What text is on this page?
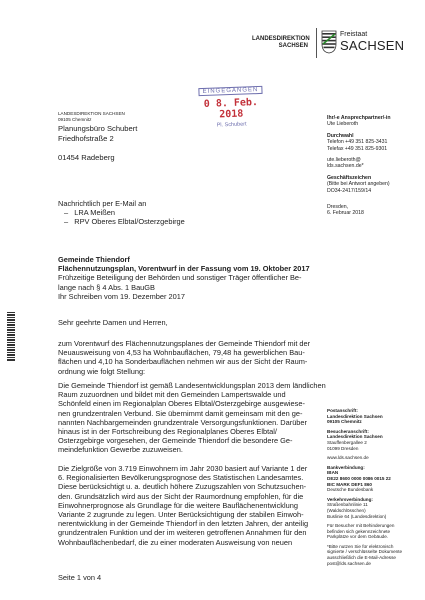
LANDESDIREKTION
SACHSEN
Freistaat
SACHSEN
LANDESDIREKTION SACHSEN
09105 Chemnitz
EINGEGANGEN
0 8. Feb. 2018
Pl. Schubert
Planungsbüro Schubert
Friedhofstraße 2
01454 Radeberg
Ihr/-e Ansprechpartner/-in
Ute Lieberoth
Durchwahl
Telefon +49 351 825-3431
Telefax +49 351 825-9301
ute.lieberoth@
lds.sachsen.de*
Geschäftszeichen
(Bitte bei Antwort angeben)
DO34-2417/159/14
Dresden,
6. Februar 2018
Nachrichtlich per E-Mail an
–   LRA Meißen
–   RPV Oberes Elbtal/Osterzgebirge
Gemeinde Thiendorf
Flächennutzungsplan, Vorentwurf in der Fassung vom 19. Oktober 2017
Frühzeitige Beteiligung der Behörden und sonstiger Träger öffentlicher Be-
lange nach § 4 Abs. 1 BauGB
Ihr Schreiben vom 19. Dezember 2017
Sehr geehrte Damen und Herren,
zum Vorentwurf des Flächennutzungsplanes der Gemeinde Thiendorf mit der
Neuausweisung von 4,53 ha Wohnbauflächen, 79,48 ha gewerblichen Bau-
flächen und 4,10 ha Sonderbauflächen nehmen wir aus der Sicht der Raum-
ordnung wie folgt Stellung:
Die Gemeinde Thiendorf ist gemäß Landesentwicklungsplan 2013 dem ländlichen
Raum zuzuordnen und bildet mit den Gemeinden Lampertswalde und
Schönfeld einen im Regionalplan Oberes Elbtal/Osterzgebirge ausgewiese-
nen grundzentralen Verbund. Sie übernimmt damit gemeinsam mit den ge-
nannten Nachbargemeinden grundzentrale Versorgungsfunktionen. Darüber
hinaus ist in der Fortschreibung des Regionalplanes Oberes Elbtal/
Osterzgebirge vorgesehen, der Gemeinde Thiendorf die besondere Ge-
meindefunktion Gewerbe zuzuweisen.
Die Zielgröße von 3.719 Einwohnern im Jahr 2030 basiert auf Variante 1 der
6. Regionalisierten Bevölkerungsprognose des Statistischen Landesamtes.
Diese berücksichtigt u. a. deutlich höhere Zuzugszahlen von Schutzsuchen-
den. Grundsätzlich wird aus der Sicht der Raumordnung empfohlen, für die
Einwohnerprognose als Grundlage für die weitere Bauflächenentwicklung
Variante 2 zugrunde zu legen. Unter Berücksichtigung der stabilen Einwoh-
nerentwicklung in der Gemeinde Thiendorf in den letzten Jahren, der anteilig
grundzentralen Funktion und der im weiteren getroffenen Annahmen für den
Wohnbauflächenbedarf, die zu einer moderaten Ausweisung von neuen
Seite 1 von 4
Postanschrift:
Landesdirektion Sachsen
09105 Chemnitz
Besucheranschrift:
Landesdirektion Sachsen
Stauffenbergallee 2
01099 Dresden
www.lds.sachsen.de
Bankverbindung:
IBAN
DE22 8600 0000 0086 0015 22
BIC MARK DEF1 860
Deutsche Bundesbank
Verkehrsverbindung:
Straßenbahnlinie 11
(Waldschlösschen)
Buslinie 64 (Landesdirektion)
Für Besucher mit Behinderungen
befinden sich gekennzeichnete
Parkplätze vor dem Gebäude.
*Bitte nutzen Sie für elektronisch
signierte / verschlüsselte Dokumente
ausschließlich die E-Mail-Adresse
post@lds.sachsen.de
